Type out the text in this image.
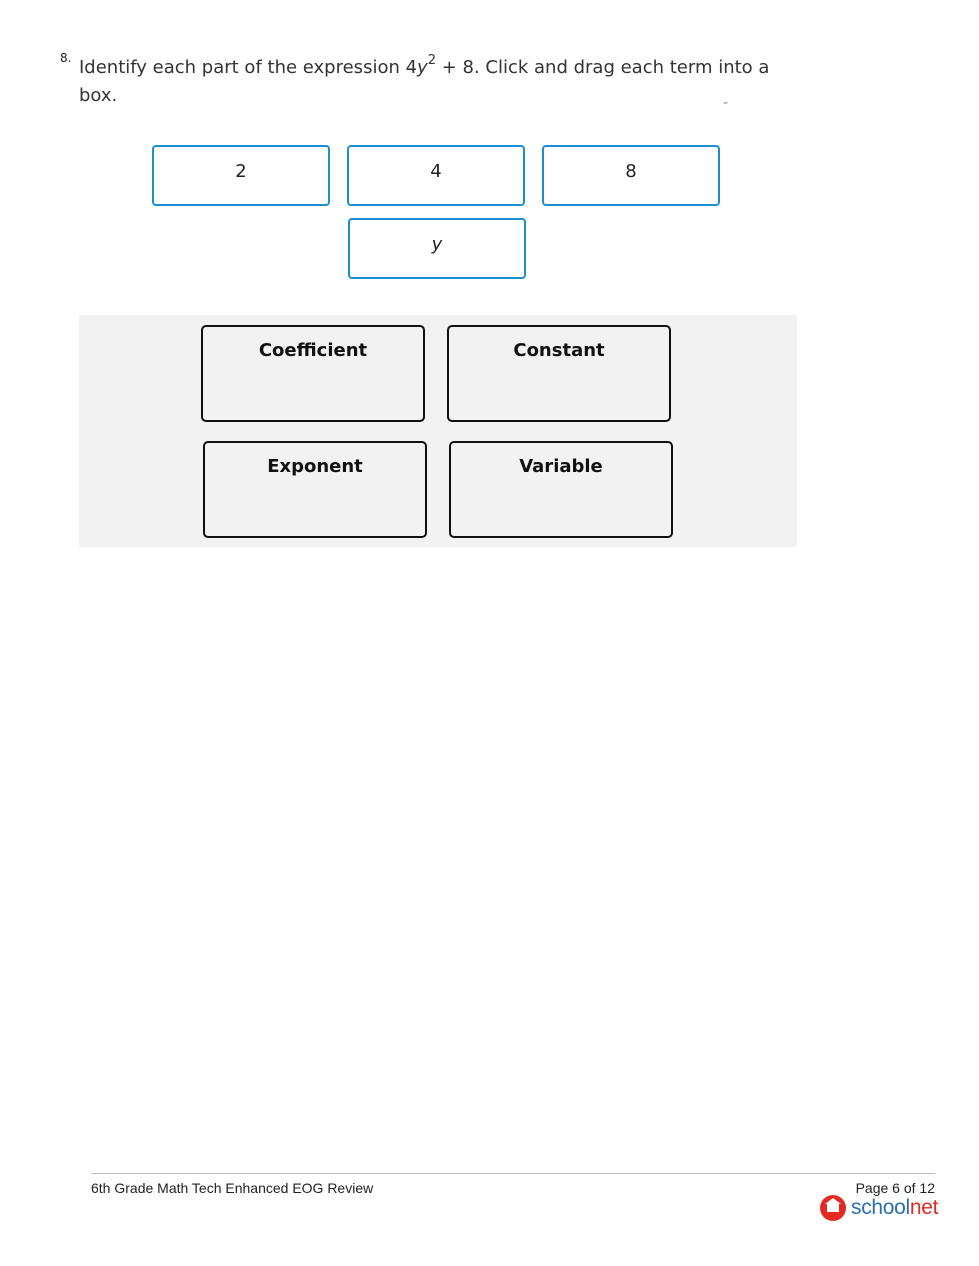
8. Identify each part of the expression $4y^2 + 8$. Click and drag each term into a box.	-
2	4	8
y
Coefficient	Constant
Exponent	Variable
6th Grade Math Tech Enhanced EOG Review	Page 6 of 12
schoolnet
